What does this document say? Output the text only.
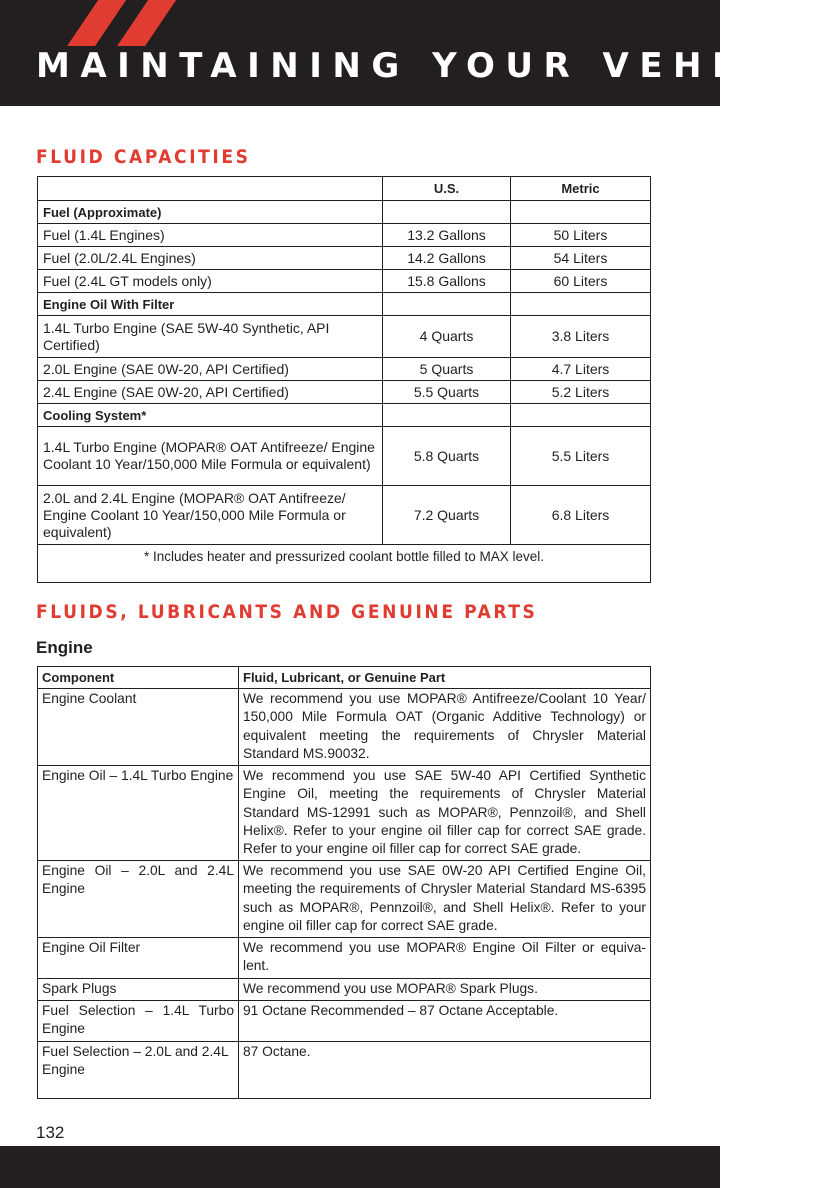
MAINTAINING YOUR VEHICLE
FLUID CAPACITIES
	U.S.	Metric
Fuel (Approximate)		
Fuel (1.4L Engines)	13.2 Gallons	50 Liters
Fuel (2.0L/2.4L Engines)	14.2 Gallons	54 Liters
Fuel (2.4L GT models only)	15.8 Gallons	60 Liters
Engine Oil With Filter		
1.4L Turbo Engine (SAE 5W-40 Synthetic, API Certified)	4 Quarts	3.8 Liters
2.0L Engine (SAE 0W-20, API Certified)	5 Quarts	4.7 Liters
2.4L Engine (SAE 0W-20, API Certified)	5.5 Quarts	5.2 Liters
Cooling System*		
1.4L Turbo Engine (MOPAR® OAT Antifreeze/ Engine Coolant 10 Year/150,000 Mile Formula or equivalent)	5.8 Quarts	5.5 Liters
2.0L and 2.4L Engine (MOPAR® OAT Antifreeze/ Engine Coolant 10 Year/150,000 Mile Formula or equivalent)	7.2 Quarts	6.8 Liters
* Includes heater and pressurized coolant bottle filled to MAX level.		
FLUIDS, LUBRICANTS AND GENUINE PARTS
Engine
Component	Fluid, Lubricant, or Genuine Part
Engine Coolant	We recommend you use MOPAR® Antifreeze/Coolant 10 Year/ 150,000 Mile Formula OAT (Organic Additive Technology) or equivalent meeting the requirements of Chrysler Material Standard MS.90032.
Engine Oil – 1.4L Turbo Engine	We recommend you use SAE 5W-40 API Certified Synthetic Engine Oil, meeting the requirements of Chrysler Material Standard MS-12991 such as MOPAR®, Pennzoil®, and Shell Helix®. Refer to your engine oil filler cap for correct SAE grade. Refer to your engine oil filler cap for correct SAE grade.
Engine Oil – 2.0L and 2.4L Engine	We recommend you use SAE 0W-20 API Certified Engine Oil, meeting the requirements of Chrysler Material Standard MS-6395 such as MOPAR®, Pennzoil®, and Shell Helix®. Refer to your engine oil filler cap for correct SAE grade.
Engine Oil Filter	We recommend you use MOPAR® Engine Oil Filter or equiva-lent.
Spark Plugs	We recommend you use MOPAR® Spark Plugs.
Fuel Selection – 1.4L Turbo Engine	91 Octane Recommended – 87 Octane Acceptable.
Fuel Selection – 2.0L and 2.4L Engine	87 Octane.
132
